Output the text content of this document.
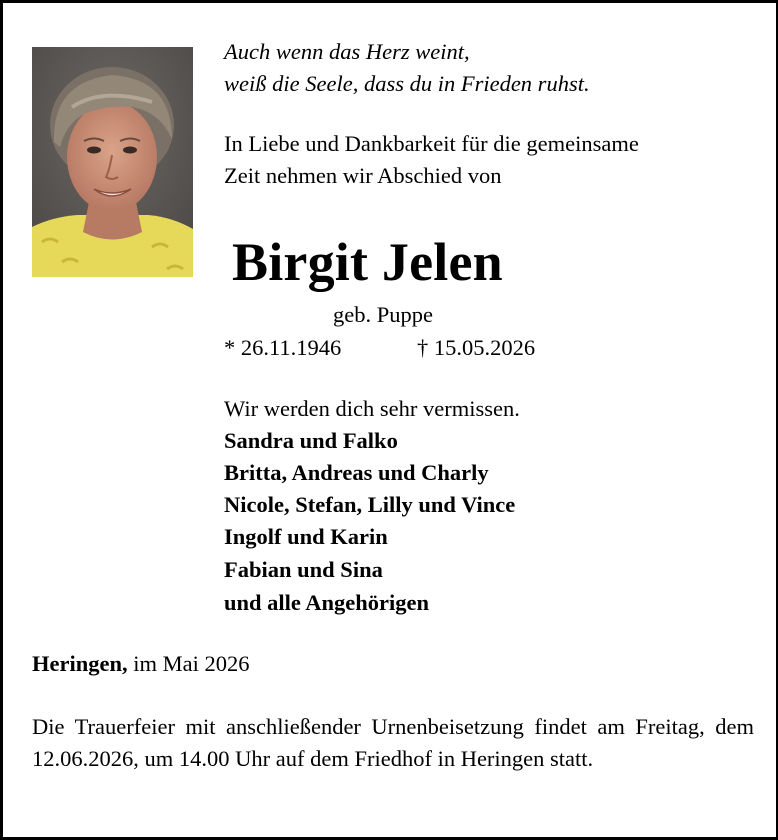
Auch wenn das Herz weint,
weiß die Seele, dass du in Frieden ruhst.
In Liebe und Dankbarkeit für die gemeinsame
Zeit nehmen wir Abschied von
Birgit Jelen
geb. Puppe
* 26.11.1946	† 15.05.2026
Wir werden dich sehr vermissen.
Sandra und Falko
Britta, Andreas und Charly
Nicole, Stefan, Lilly und Vince
Ingolf und Karin
Fabian und Sina
und alle Angehörigen
Heringen, im Mai 2026
Die Trauerfeier mit anschließender Urnenbeisetzung findet am Freitag, dem 12.06.2026, um 14.00 Uhr auf dem Friedhof in Heringen statt.
